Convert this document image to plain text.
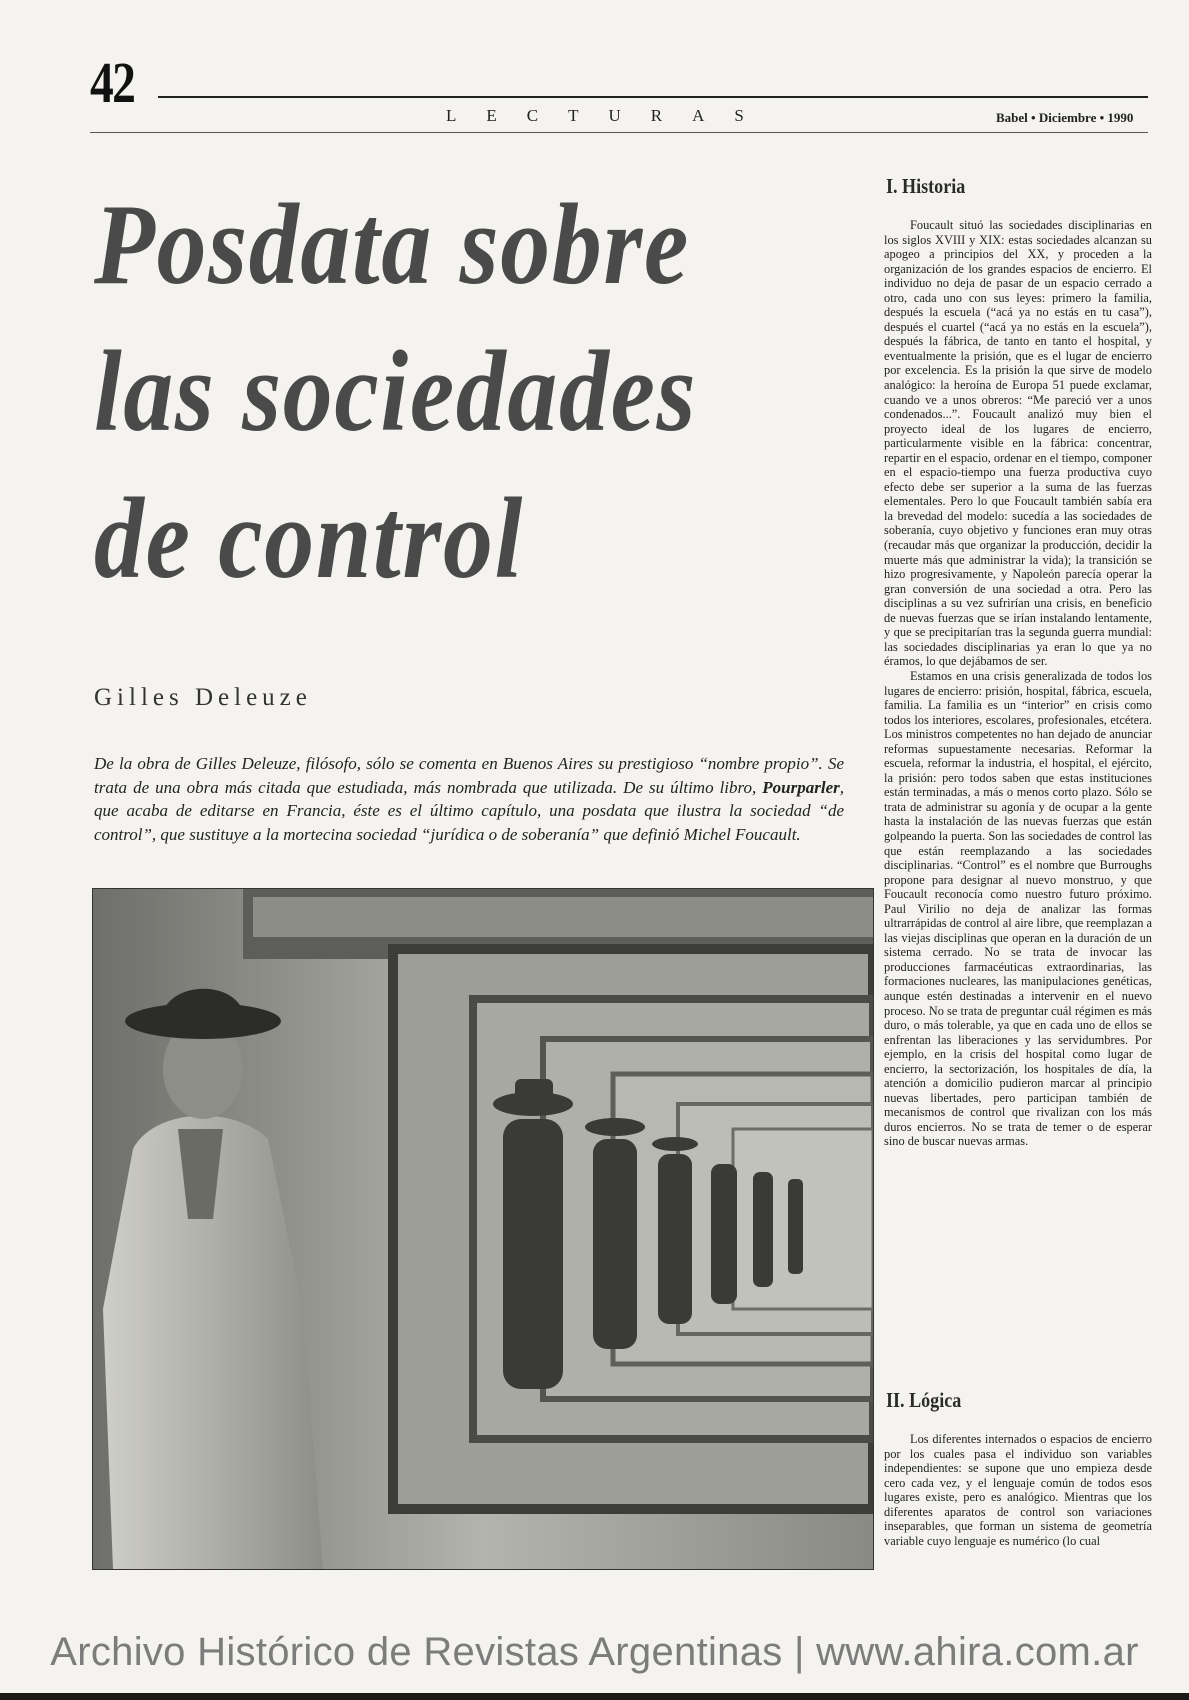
42
LECTURAS	Babel • Diciembre • 1990
Posdata sobre
las sociedades
de control
Gilles Deleuze
De la obra de Gilles Deleuze, filósofo, sólo se comenta en Buenos Aires su prestigioso “nombre propio”. Se trata de una obra más citada que estudiada, más nombrada que utilizada. De su último libro, Pourparler, que acaba de editarse en Francia, éste es el último capítulo, una posdata que ilustra la sociedad “de control”, que sustituye a la mortecina sociedad “jurídica o de soberanía” que definió Michel Foucault.
I. Historia

Foucault situó las sociedades disciplinarias en los siglos XVIII y XIX: estas sociedades alcanzan su apogeo a principios del XX, y proceden a la organización de los grandes espacios de encierro. El individuo no deja de pasar de un espacio cerrado a otro, cada uno con sus leyes: primero la familia, después la escuela (“acá ya no estás en tu casa”), después el cuartel (“acá ya no estás en la escuela”), después la fábrica, de tanto en tanto el hospital, y eventualmente la prisión, que es el lugar de encierro por excelencia. Es la prisión la que sirve de modelo analógico: la heroína de Europa 51 puede exclamar, cuando ve a unos obreros: “Me pareció ver a unos condenados...”. Foucault analizó muy bien el proyecto ideal de los lugares de encierro, particularmente visible en la fábrica: concentrar, repartir en el espacio, ordenar en el tiempo, componer en el espacio-tiempo una fuerza productiva cuyo efecto debe ser superior a la suma de las fuerzas elementales. Pero lo que Foucault también sabía era la brevedad del modelo: sucedía a las sociedades de soberanía, cuyo objetivo y funciones eran muy otras (recaudar más que organizar la producción, decidir la muerte más que administrar la vida); la transición se hizo progresivamente, y Napoleón parecía operar la gran conversión de una sociedad a otra. Pero las disciplinas a su vez sufrirían una crisis, en beneficio de nuevas fuerzas que se irían instalando lentamente, y que se precipitarían tras la segunda guerra mundial: las sociedades disciplinarias ya eran lo que ya no éramos, lo que dejábamos de ser.

Estamos en una crisis generalizada de todos los lugares de encierro: prisión, hospital, fábrica, escuela, familia. La familia es un “interior” en crisis como todos los interiores, escolares, profesionales, etcétera. Los ministros competentes no han dejado de anunciar reformas supuestamente necesarias. Reformar la escuela, reformar la industria, el hospital, el ejército, la prisión: pero todos saben que estas instituciones están terminadas, a más o menos corto plazo. Sólo se trata de administrar su agonía y de ocupar a la gente hasta la instalación de las nuevas fuerzas que están golpeando la puerta. Son las sociedades de control las que están reemplazando a las sociedades disciplinarias. “Control” es el nombre que Burroughs propone para designar al nuevo monstruo, y que Foucault reconocía como nuestro futuro próximo. Paul Virilio no deja de analizar las formas ultrarrápidas de control al aire libre, que reemplazan a las viejas disciplinas que operan en la duración de un sistema cerrado. No se trata de invocar las producciones farmacéuticas extraordinarias, las formaciones nucleares, las manipulaciones genéticas, aunque estén destinadas a intervenir en el nuevo proceso. No se trata de preguntar cuál régimen es más duro, o más tolerable, ya que en cada uno de ellos se enfrentan las liberaciones y las servidumbres. Por ejemplo, en la crisis del hospital como lugar de encierro, la sectorización, los hospitales de día, la atención a domicilio pudieron marcar al principio nuevas libertades, pero participan también de mecanismos de control que rivalizan con los más duros encierros. No se trata de temer o de esperar sino de buscar nuevas armas.

II. Lógica

Los diferentes internados o espacios de encierro por los cuales pasa el individuo son variables independientes: se supone que uno empieza desde cero cada vez, y el lenguaje común de todos esos lugares existe, pero es analógico. Mientras que los diferentes aparatos de control son variaciones inseparables, que forman un sistema de geometría variable cuyo lenguaje es numérico (lo cual

Archivo Histórico de Revistas Argentinas | www.ahira.com.ar
